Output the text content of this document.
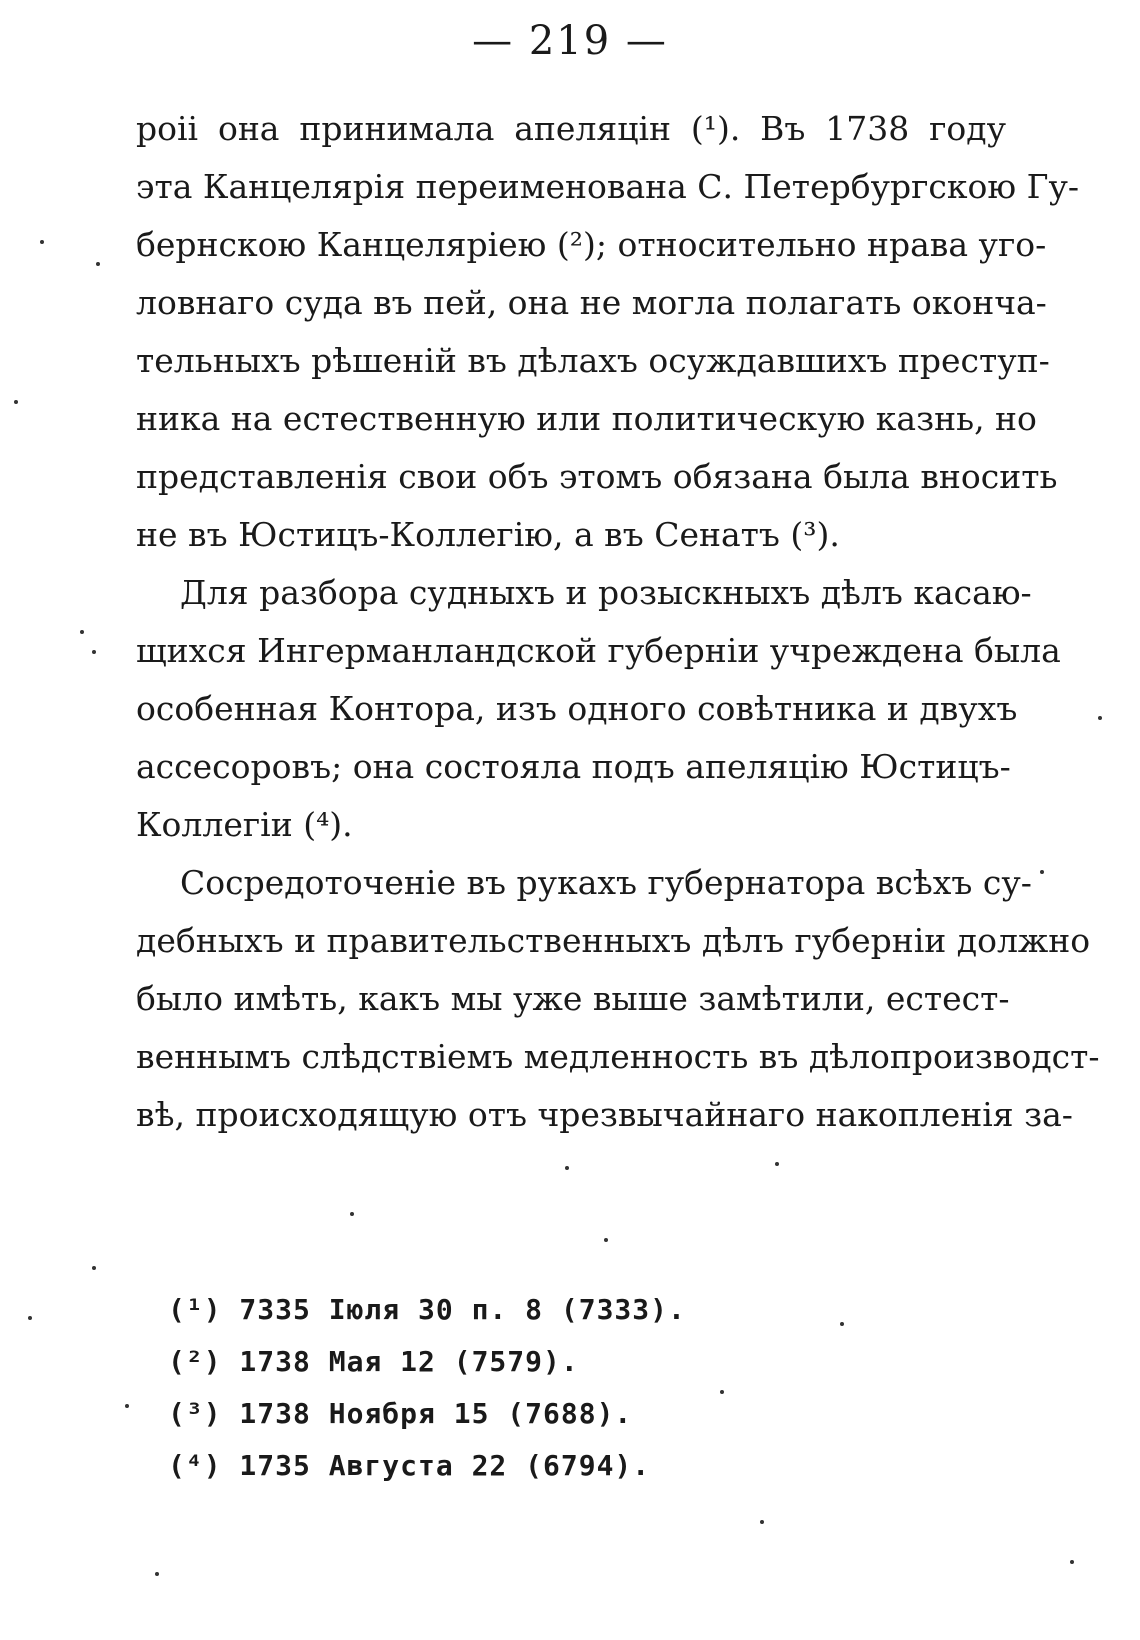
— 219 —
poii она принимала апеляцін (¹). Въ 1738 году
эта Канцелярія переименована С. Петербургскою Гу-
бернскою Канцеляріею (²); относительно нрава уго-
ловнаго суда въ пей, она не могла полагать оконча-
тельныхъ рѣшеній въ дѣлахъ осуждавшихъ преступ-
ника на естественную или политическую казнь, но
представленія свои объ этомъ обязана была вносить
не въ Юстицъ-Коллегію, а въ Сенатъ (³).
Для разбора судныхъ и розыскныхъ дѣлъ касаю-
щихся Ингерманландской губерніи учреждена была
особенная Контора, изъ одного совѣтника и двухъ
ассесоровъ; она состояла подъ апеляцію Юстицъ-
Коллегіи (⁴).
Сосредоточеніе въ рукахъ губернатора всѣхъ су-
дебныхъ и правительственныхъ дѣлъ губерніи должно
было имѣть, какъ мы уже выше замѣтили, естест-
веннымъ слѣдствіемъ медленность въ дѣлопроизводст-
вѣ, происходящую отъ чрезвычайнаго накопленія за-
(¹) 7335 Іюля 30 п. 8 (7333).
(²) 1738 Мая 12 (7579).
(³) 1738 Ноября 15 (7688).
(⁴) 1735 Августа 22 (6794).
